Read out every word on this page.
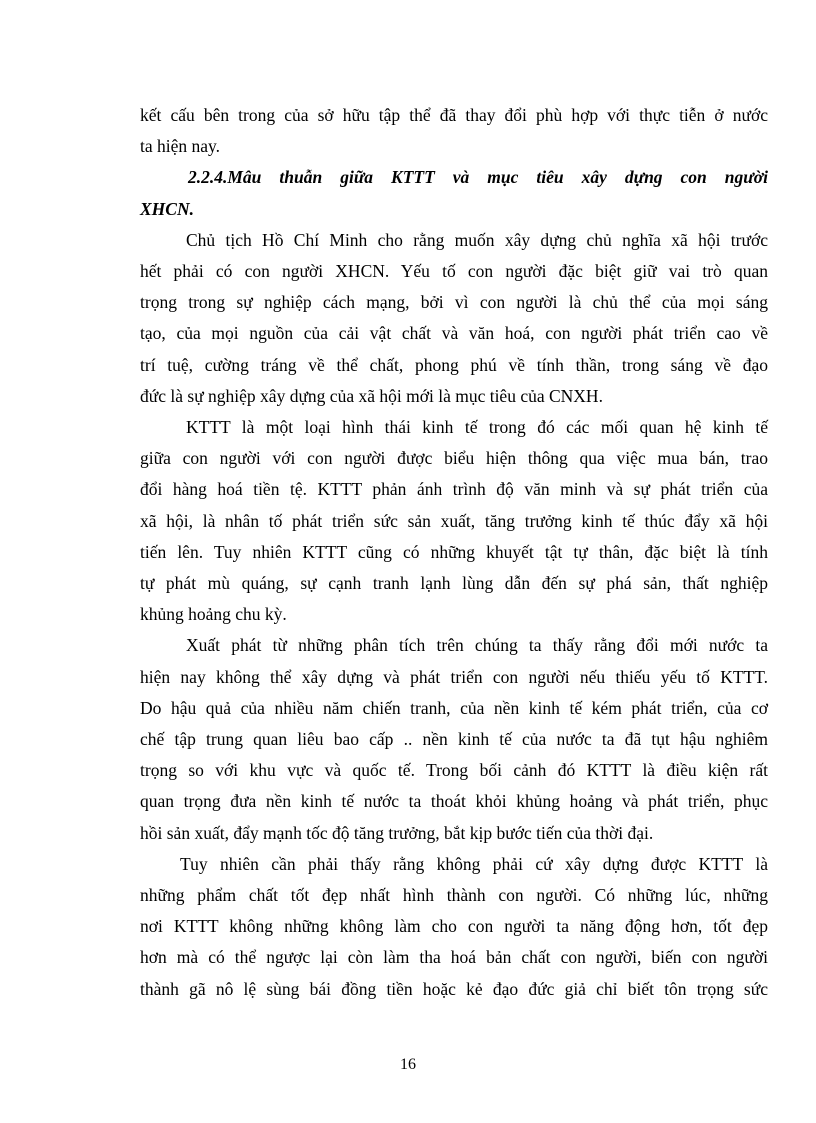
kết cấu bên trong của sở hữu tập thể đã thay đổi phù hợp với thực tiễn ở nước
ta hiện nay.

2.2.4.Mâu thuẫn giữa KTTT và mục tiêu xây dựng con người
XHCN.

Chủ tịch Hồ Chí Minh cho rằng muốn xây dựng chủ nghĩa xã hội trước
hết phải có con người XHCN. Yếu tố con người đặc biệt giữ vai trò quan
trọng trong sự nghiệp cách mạng, bởi vì con người là chủ thể của mọi sáng
tạo, của mọi nguồn của cải vật chất và văn hoá, con người phát triển cao về
trí tuệ, cường tráng về thể chất, phong phú về tính thần, trong sáng về đạo
đức là sự nghiệp xây dựng của xã hội mới là mục tiêu của CNXH.

KTTT là một loại hình thái kinh tế trong đó các mối quan hệ kinh tế
giữa con người với con người được biểu hiện thông qua việc mua bán, trao
đổi hàng hoá tiền tệ. KTTT phản ánh trình độ văn minh và sự phát triển của
xã hội, là nhân tố phát triển sức sản xuất, tăng trưởng kinh tế thúc đẩy xã hội
tiến lên. Tuy nhiên KTTT cũng có những khuyết tật tự thân, đặc biệt là tính
tự phát mù quáng, sự cạnh tranh lạnh lùng dẫn đến sự phá sản, thất nghiệp
khủng hoảng chu kỳ.

Xuất phát từ những phân tích trên chúng ta thấy rằng đổi mới nước ta
hiện nay không thể xây dựng và phát triển con người nếu thiếu yếu tố KTTT.
Do hậu quả của nhiều năm chiến tranh, của nền kinh tế kém phát triển, của cơ
chế tập trung quan liêu bao cấp .. nền kinh tế của nước ta đã tụt hậu nghiêm
trọng so với khu vực và quốc tế. Trong bối cảnh đó KTTT là điều kiện rất
quan trọng đưa nền kinh tế nước ta thoát khỏi khủng hoảng và phát triển, phục
hồi sản xuất, đẩy mạnh tốc độ tăng trưởng, bắt kịp bước tiến của thời đại.

Tuy nhiên cần phải thấy rằng không phải cứ xây dựng được KTTT là
những phẩm chất tốt đẹp nhất hình thành con người. Có những lúc, những
nơi KTTT không những không làm cho con người ta năng động hơn, tốt đẹp
hơn mà có thể ngược lại còn làm tha hoá bản chất con người, biến con người
thành gã nô lệ sùng bái đồng tiền hoặc kẻ đạo đức giả chỉ biết tôn trọng sức

16
